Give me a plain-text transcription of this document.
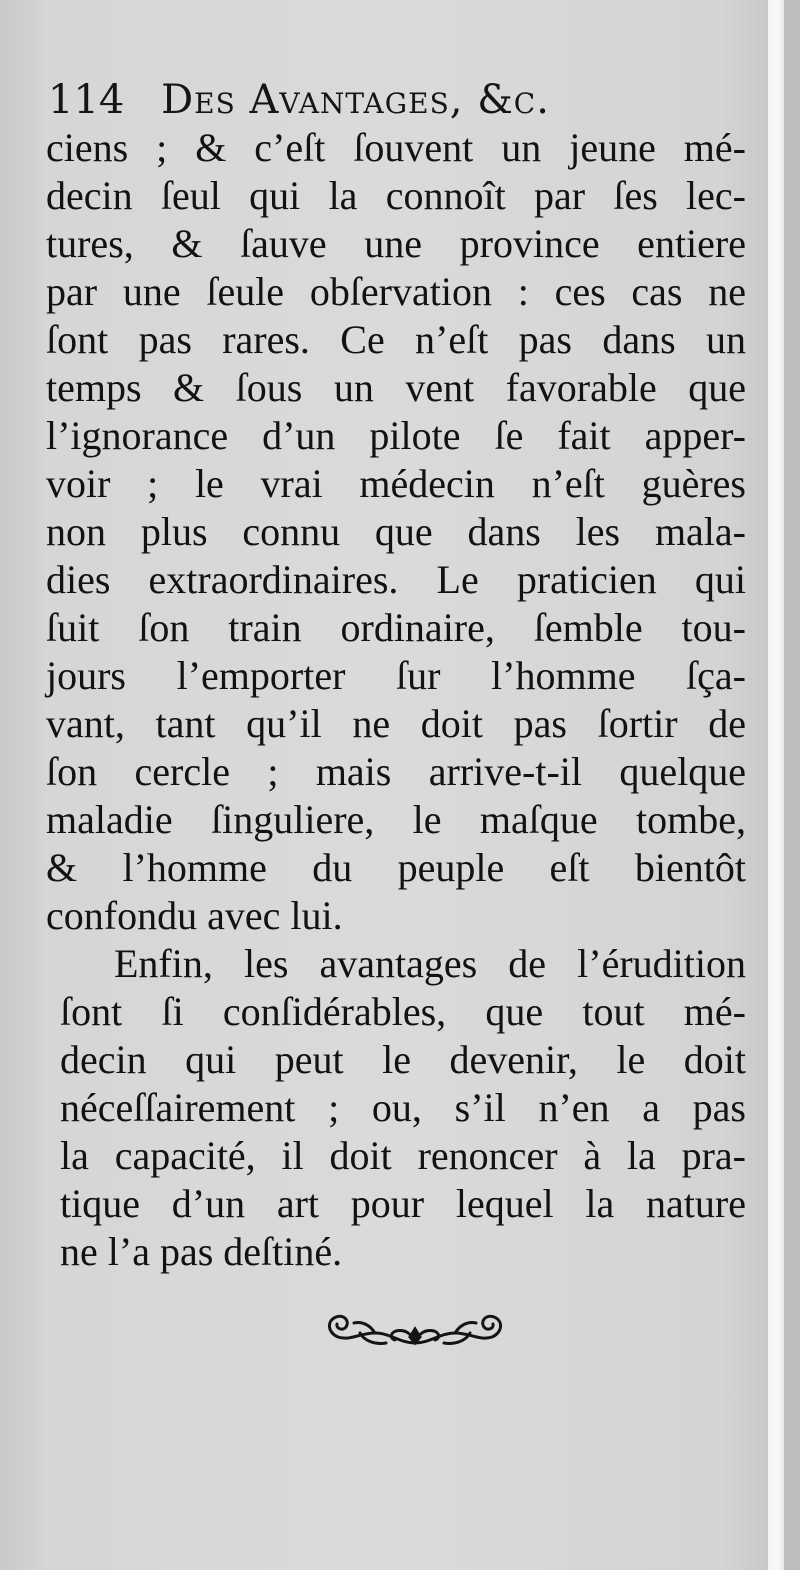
114 Des Avantages, &c.
ciens ; & c’eſt ſouvent un jeune mé-
decin ſeul qui la connoît par ſes lec-
tures, & ſauve une province entiere
par une ſeule obſervation : ces cas ne
ſont pas rares. Ce n’eſt pas dans un
temps & ſous un vent favorable que
l’ignorance d’un pilote ſe fait apper-
voir ; le vrai médecin n’eſt guères
non plus connu que dans les mala-
dies extraordinaires. Le praticien qui
ſuit ſon train ordinaire, ſemble tou-
jours l’emporter ſur l’homme ſça-
vant, tant qu’il ne doit pas ſortir de
ſon cercle ; mais arrive-t-il quelque
maladie ſinguliere, le maſque tombe,
& l’homme du peuple eſt bientôt
confondu avec lui.
Enfin, les avantages de l’érudition
ſont ſi conſidérables, que tout mé-
decin qui peut le devenir, le doit
néceſſairement ; ou, s’il n’en a pas
la capacité, il doit renoncer à la pra-
tique d’un art pour lequel la nature
ne l’a pas deſtiné.
